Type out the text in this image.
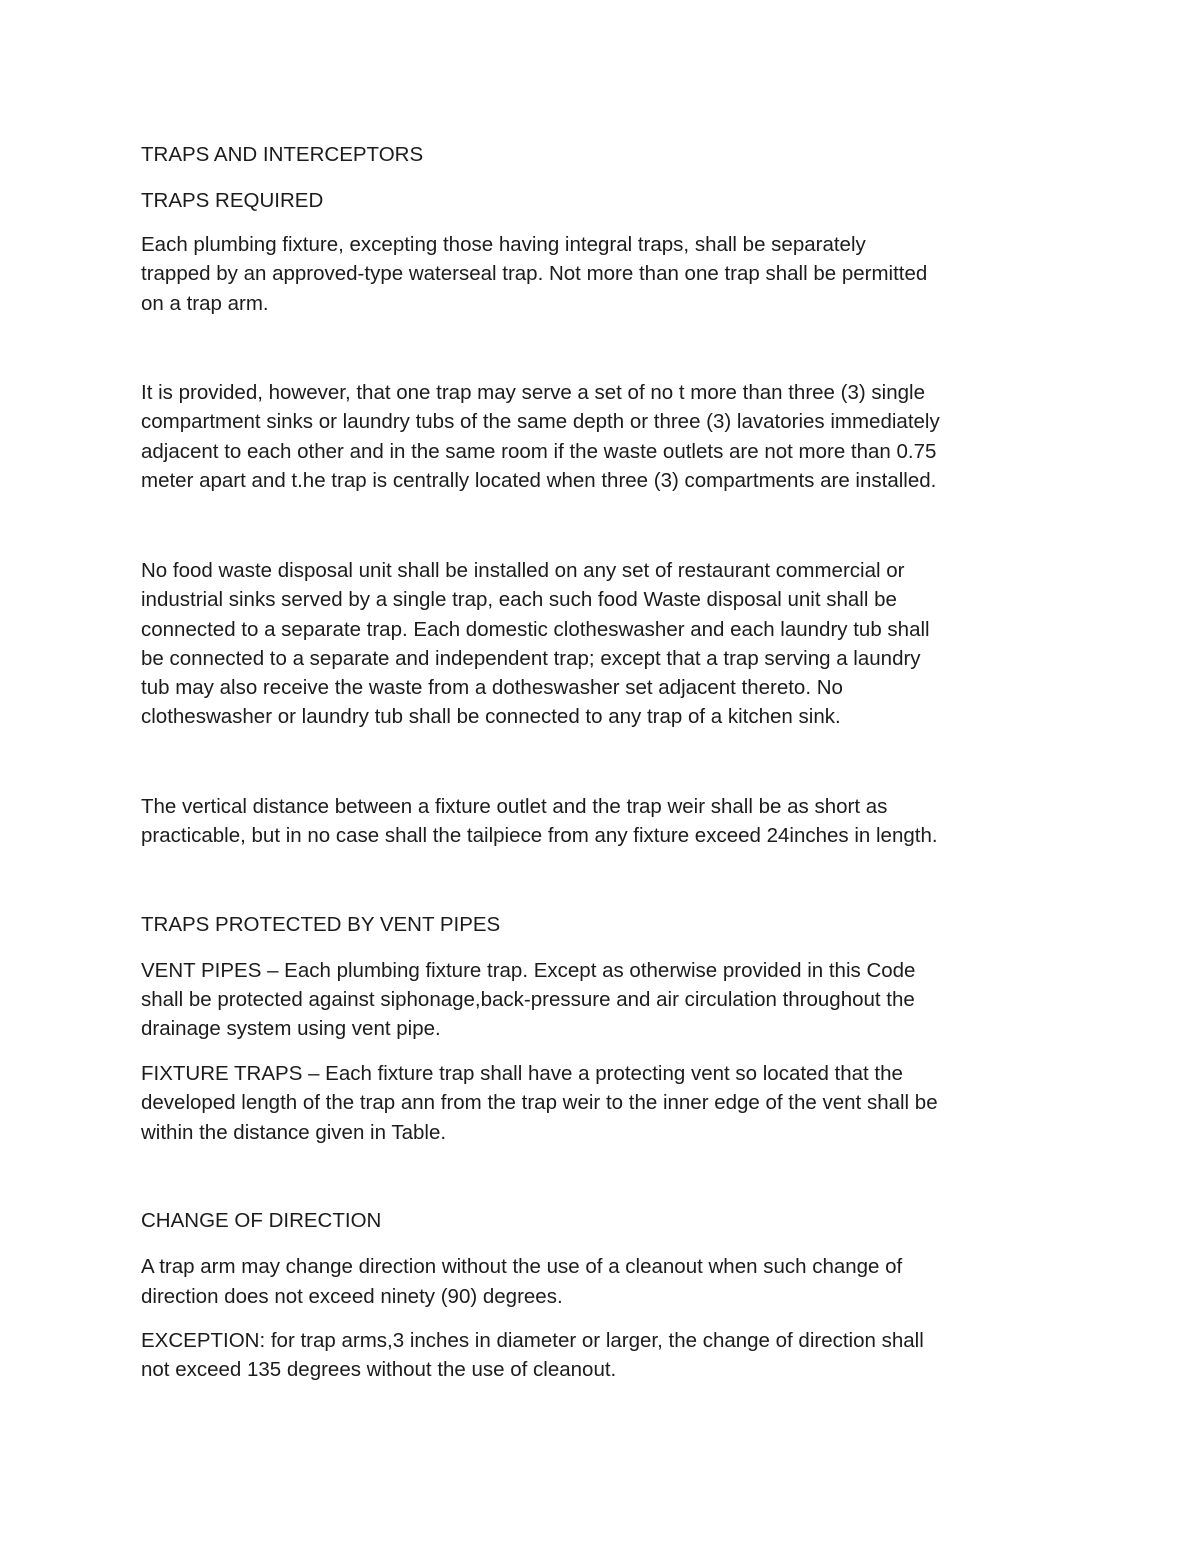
TRAPS AND INTERCEPTORS

TRAPS REQUIRED

Each plumbing fixture, excepting those having integral traps, shall be separately

trapped by an approved-type waterseal trap. Not more than one trap shall be permitted

on a trap arm.

It is provided, however, that one trap may serve a set of no t more than three (3) single

compartment sinks or laundry tubs of the same depth or three (3) lavatories immediately

adjacent to each other and in the same room if the waste outlets are not more than 0.75

meter apart and t.he trap is centrally located when three (3) compartments are installed.

No food waste disposal unit shall be installed on any set of restaurant commercial or

industrial sinks served by a single trap, each such food Waste disposal unit shall be

connected to a separate trap. Each domestic clotheswasher and each laundry tub shall

be connected to a separate and independent trap; except that a trap serving a laundry

tub may also receive the waste from a dotheswasher set adjacent thereto. No

clotheswasher or laundry tub shall be connected to any trap of a kitchen sink.

The vertical distance between a fixture outlet and the trap weir shall be as short as

practicable, but in no case shall the tailpiece from any fixture exceed 24inches in length.

TRAPS PROTECTED BY VENT PIPES

VENT PIPES – Each plumbing fixture trap. Except as otherwise provided in this Code

shall be protected against siphonage,back-pressure and air circulation throughout the

drainage system using vent pipe.

FIXTURE TRAPS – Each fixture trap shall have a protecting vent so located that the

developed length of the trap ann from the trap weir to the inner edge of the vent shall be

within the distance given in Table.

CHANGE OF DIRECTION

A trap arm may change direction without the use of a cleanout when such change of

direction does not exceed ninety (90) degrees.

EXCEPTION: for trap arms,3 inches in diameter or larger, the change of direction shall

not exceed 135 degrees without the use of cleanout.
